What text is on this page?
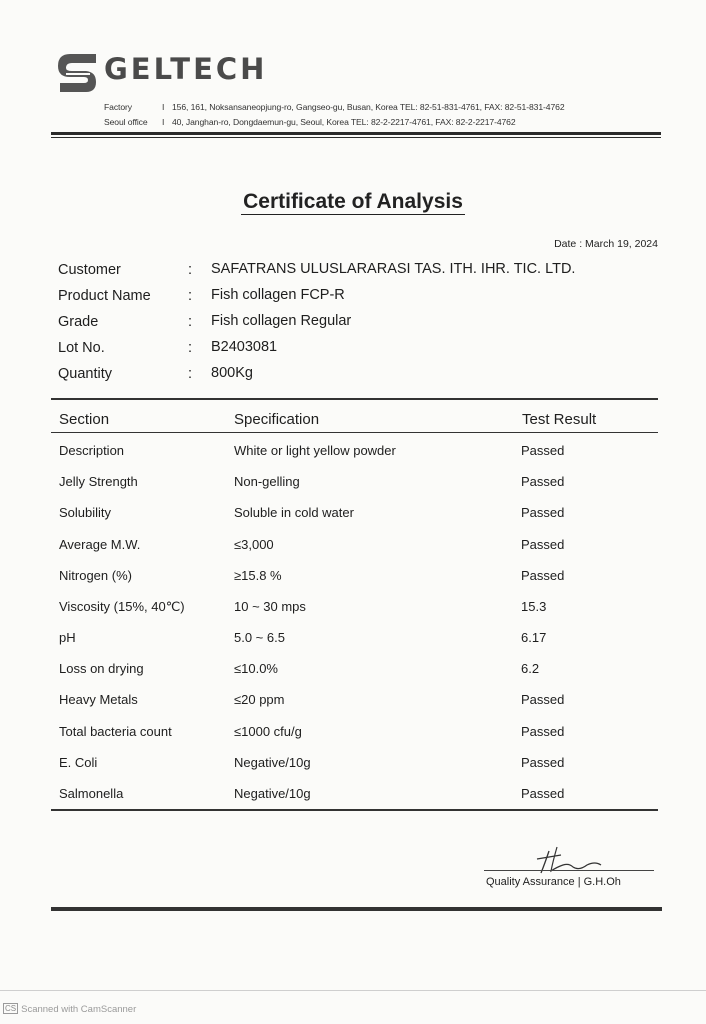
GELTECH
Factory	I 156, 161, Noksansaneopjung-ro, Gangseo-gu, Busan, Korea TEL: 82-51-831-4761, FAX: 82-51-831-4762
Seoul office I 40, Janghan-ro, Dongdaemun-gu, Seoul, Korea TEL: 82-2-2217-4761, FAX: 82-2-2217-4762
Certificate of Analysis
Date : March 19, 2024
Customer	: SAFATRANS ULUSLARARASI TAS. ITH. IHR. TIC. LTD.
Product Name	: Fish collagen FCP-R
Grade	: Fish collagen Regular
Lot No.	: B2403081
Quantity	: 800Kg
Section	Specification	Test Result
Description	White or light yellow powder	Passed
Jelly Strength	Non-gelling	Passed
Solubility	Soluble in cold water	Passed
Average M.W.	≤3,000	Passed
Nitrogen (%)	≥15.8 %	Passed
Viscosity (15%, 40℃)	10 ~ 30 mps	15.3
pH	5.0 ~ 6.5	6.17
Loss on drying	≤10.0%	6.2
Heavy Metals	≤20 ppm	Passed
Total bacteria count	≤1000 cfu/g	Passed
E. Coli	Negative/10g	Passed
Salmonella	Negative/10g	Passed
Quality Assurance | G.H.Oh
CS Scanned with CamScanner
